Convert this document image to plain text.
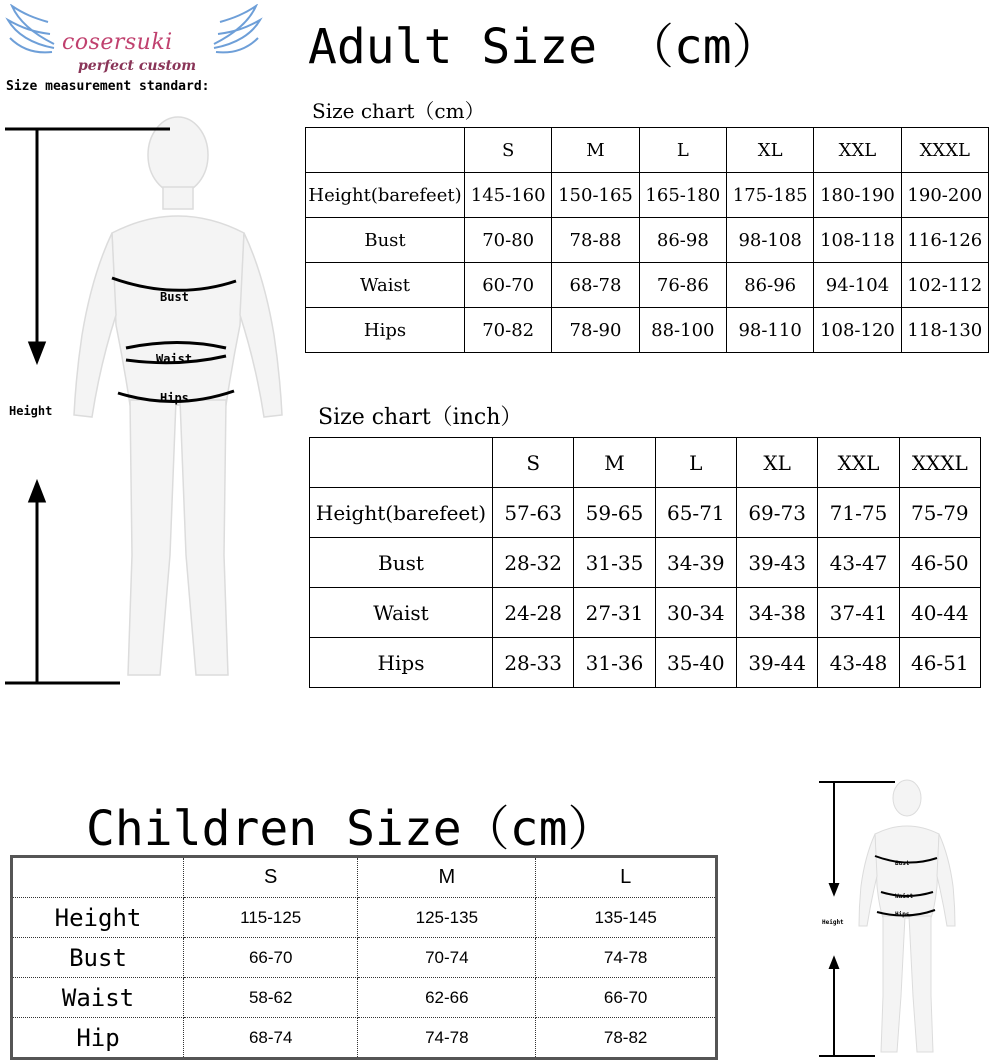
cosersuki
perfect custom
Size measurement standard:
Bust
Waist
Hips
Height
Adult Size （cm）
Size chart（cm）
Size chart（inch）
	S	M	L	XL	XXL	XXXL
Height(barefeet)	145-160	150-165	165-180	175-185	180-190	190-200
Bust	70-80	78-88	86-98	98-108	108-118	116-126
Waist	60-70	68-78	76-86	86-96	94-104	102-112
Hips	70-82	78-90	88-100	98-110	108-120	118-130
	S	M	L	XL	XXL	XXXL
Height(barefeet)	57-63	59-65	65-71	69-73	71-75	75-79
Bust	28-32	31-35	34-39	39-43	43-47	46-50
Waist	24-28	27-31	30-34	34-38	37-41	40-44
Hips	28-33	31-36	35-40	39-44	43-48	46-51
Children Size（cm）
	S	M	L
Height	115-125	125-135	135-145
Bust	66-70	70-74	74-78
Waist	58-62	62-66	66-70
Hip	68-74	74-78	78-82
Bust
Waist
Hips
Height
